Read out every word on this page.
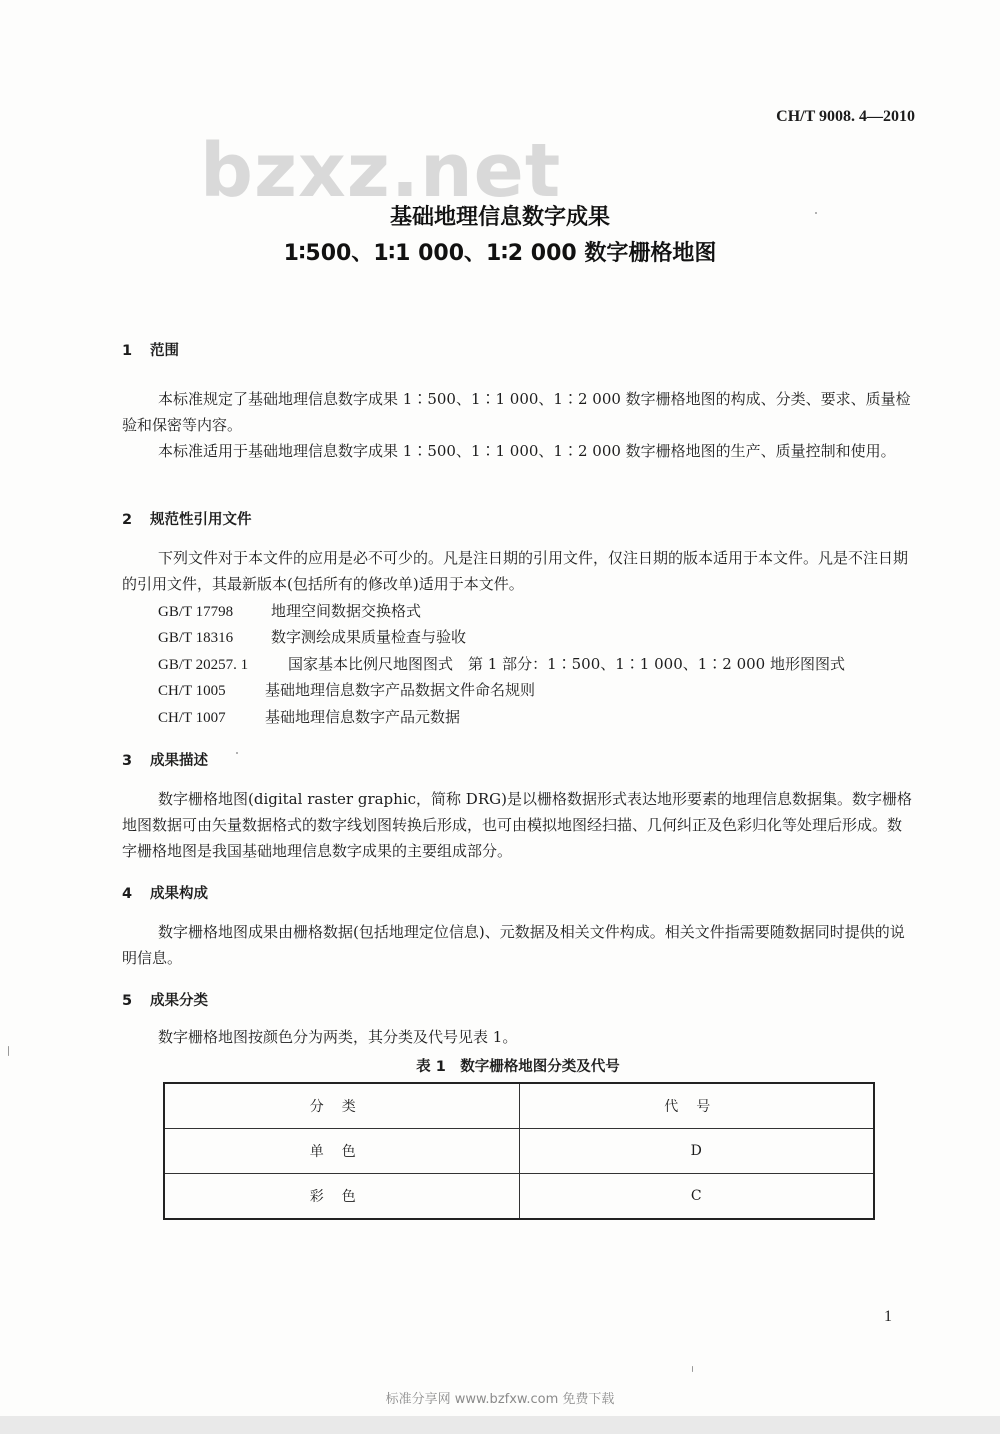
CH/T 9008. 4—2010
bzxz.net
基础地理信息数字成果
1∶500、1∶1 000、1∶2 000 数字栅格地图
1 范围

本标准规定了基础地理信息数字成果 1∶500、1∶1 000、1∶2 000 数字栅格地图的构成、分类、要求、质量检验和保密等内容。

本标准适用于基础地理信息数字成果 1∶500、1∶1 000、1∶2 000 数字栅格地图的生产、质量控制和使用。

2 规范性引用文件

下列文件对于本文件的应用是必不可少的。凡是注日期的引用文件，仅注日期的版本适用于本文件。凡是不注日期的引用文件，其最新版本(包括所有的修改单)适用于本文件。

GB/T 17798	地理空间数据交换格式
GB/T 18316	数字测绘成果质量检查与验收
GB/T 20257. 1	国家基本比例尺地图图式　第 1 部分：1∶500、1∶1 000、1∶2 000 地形图图式
CH/T 1005	基础地理信息数字产品数据文件命名规则
CH/T 1007	基础地理信息数字产品元数据
3 成果描述

数字栅格地图(digital raster graphic，简称 DRG)是以栅格数据形式表达地形要素的地理信息数据集。数字栅格地图数据可由矢量数据格式的数字线划图转换后形成，也可由模拟地图经扫描、几何纠正及色彩归化等处理后形成。数字栅格地图是我国基础地理信息数字成果的主要组成部分。

4 成果构成

数字栅格地图成果由栅格数据(包括地理定位信息)、元数据及相关文件构成。相关文件指需要随数据同时提供的说明信息。

5 成果分类

数字栅格地图按颜色分为两类，其分类及代号见表 1。

表 1　数字栅格地图分类及代号
分类	代号
单色	D
彩色	C
1
标准分享网 www.bzfxw.com 免费下载
